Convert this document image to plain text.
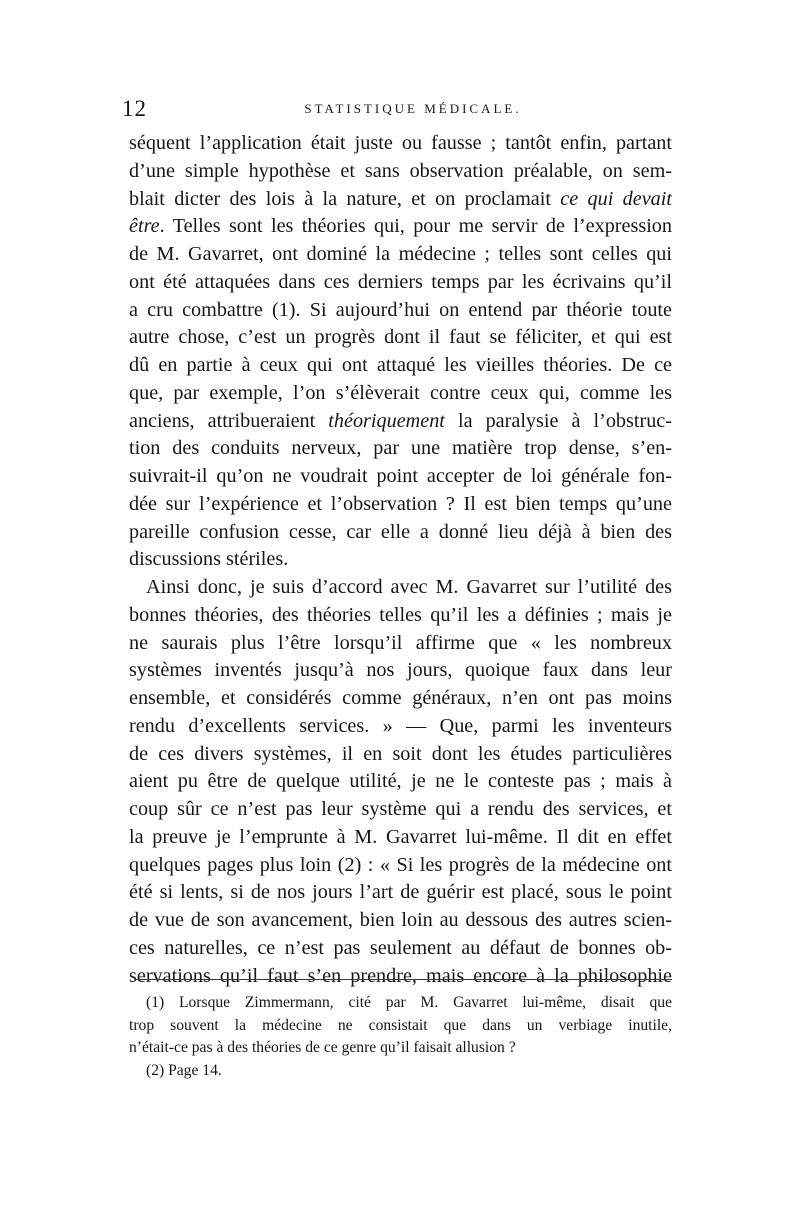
12	STATISTIQUE MÉDICALE.
séquent l’application était juste ou fausse ; tantôt enfin, partant
d’une simple hypothèse et sans observation préalable, on sem-
blait dicter des lois à la nature, et on proclamait ce qui devait
être. Telles sont les théories qui, pour me servir de l’expression
de M. Gavarret, ont dominé la médecine ; telles sont celles qui
ont été attaquées dans ces derniers temps par les écrivains qu’il
a cru combattre (1). Si aujourd’hui on entend par théorie toute
autre chose, c’est un progrès dont il faut se féliciter, et qui est
dû en partie à ceux qui ont attaqué les vieilles théories. De ce
que, par exemple, l’on s’élèverait contre ceux qui, comme les
anciens, attribueraient théoriquement la paralysie à l’obstruc-
tion des conduits nerveux, par une matière trop dense, s’en-
suivrait-il qu’on ne voudrait point accepter de loi générale fon-
dée sur l’expérience et l’observation ? Il est bien temps qu’une
pareille confusion cesse, car elle a donné lieu déjà à bien des
discussions stériles.
Ainsi donc, je suis d’accord avec M. Gavarret sur l’utilité des
bonnes théories, des théories telles qu’il les a définies ; mais je
ne saurais plus l’être lorsqu’il affirme que « les nombreux
systèmes inventés jusqu’à nos jours, quoique faux dans leur
ensemble, et considérés comme généraux, n’en ont pas moins
rendu d’excellents services. » — Que, parmi les inventeurs
de ces divers systèmes, il en soit dont les études particulières
aient pu être de quelque utilité, je ne le conteste pas ; mais à
coup sûr ce n’est pas leur système qui a rendu des services, et
la preuve je l’emprunte à M. Gavarret lui-même. Il dit en effet
quelques pages plus loin (2) : « Si les progrès de la médecine ont
été si lents, si de nos jours l’art de guérir est placé, sous le point
de vue de son avancement, bien loin au dessous des autres scien-
ces naturelles, ce n’est pas seulement au défaut de bonnes ob-
servations qu’il faut s’en prendre, mais encore à la philosophie
(1) Lorsque Zimmermann, cité par M. Gavarret lui-même, disait que
trop souvent la médecine ne consistait que dans un verbiage inutile,
n’était-ce pas à des théories de ce genre qu’il faisait allusion ?
(2) Page 14.
